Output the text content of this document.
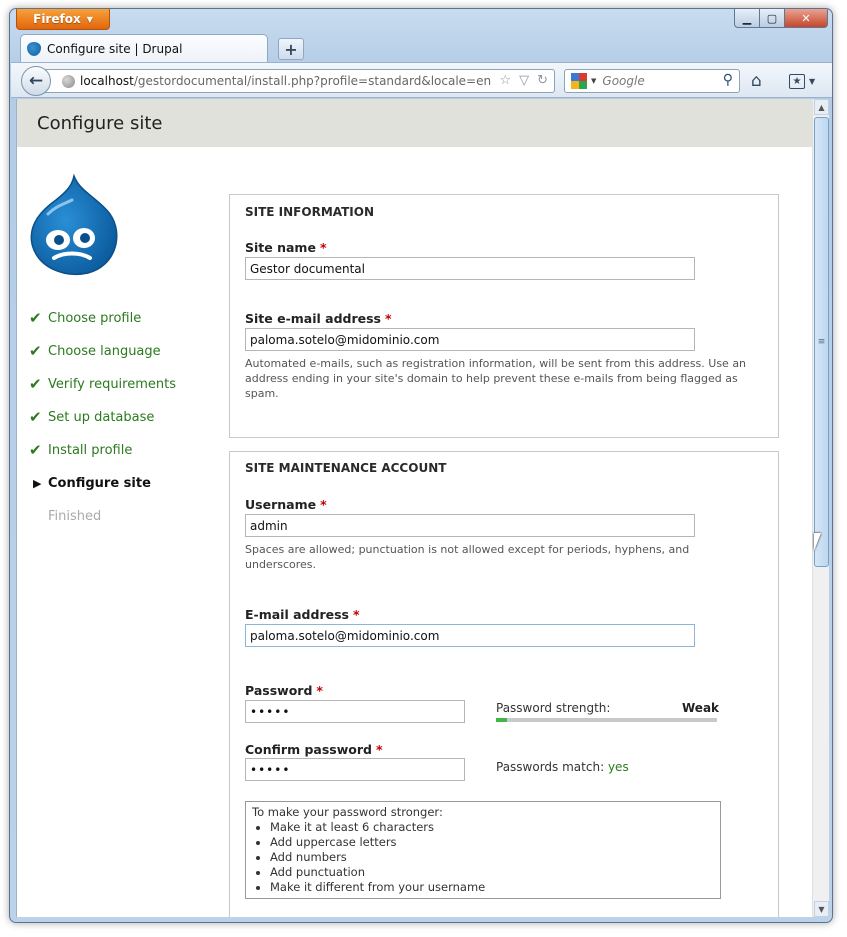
Firefox ▼	▁	▢	✕
Configure site | Drupal	+
localhost /gestordocumental/install.php?profile=standard&locale=en ☆ ▽ ↻
←	▼ Google	⚲ ⌂	★ ▼
Configure site
✔ Choose profile
✔ Choose language
✔ Verify requirements
✔ Set up database
✔ Install profile
▶ Configure site
Finished
SITE INFORMATION
Site name *
Gestor documental
Site e-mail address *
paloma.sotelo@midominio.com
Automated e-mails, such as registration information, will be sent from this address. Use an address ending in your site's domain to help prevent these e-mails from being flagged as spam.
SITE MAINTENANCE ACCOUNT
Username *
admin
Spaces are allowed; punctuation is not allowed except for periods, hyphens, and underscores.
E-mail address *
paloma.sotelo@midominio.com
Password *
•••••
Password strength:	Weak
Confirm password *
•••••
Passwords match: yes
To make your password stronger:
• Make it at least 6 characters
• Add uppercase letters
• Add numbers
• Add punctuation
• Make it different from your username
▲
≡
▼
